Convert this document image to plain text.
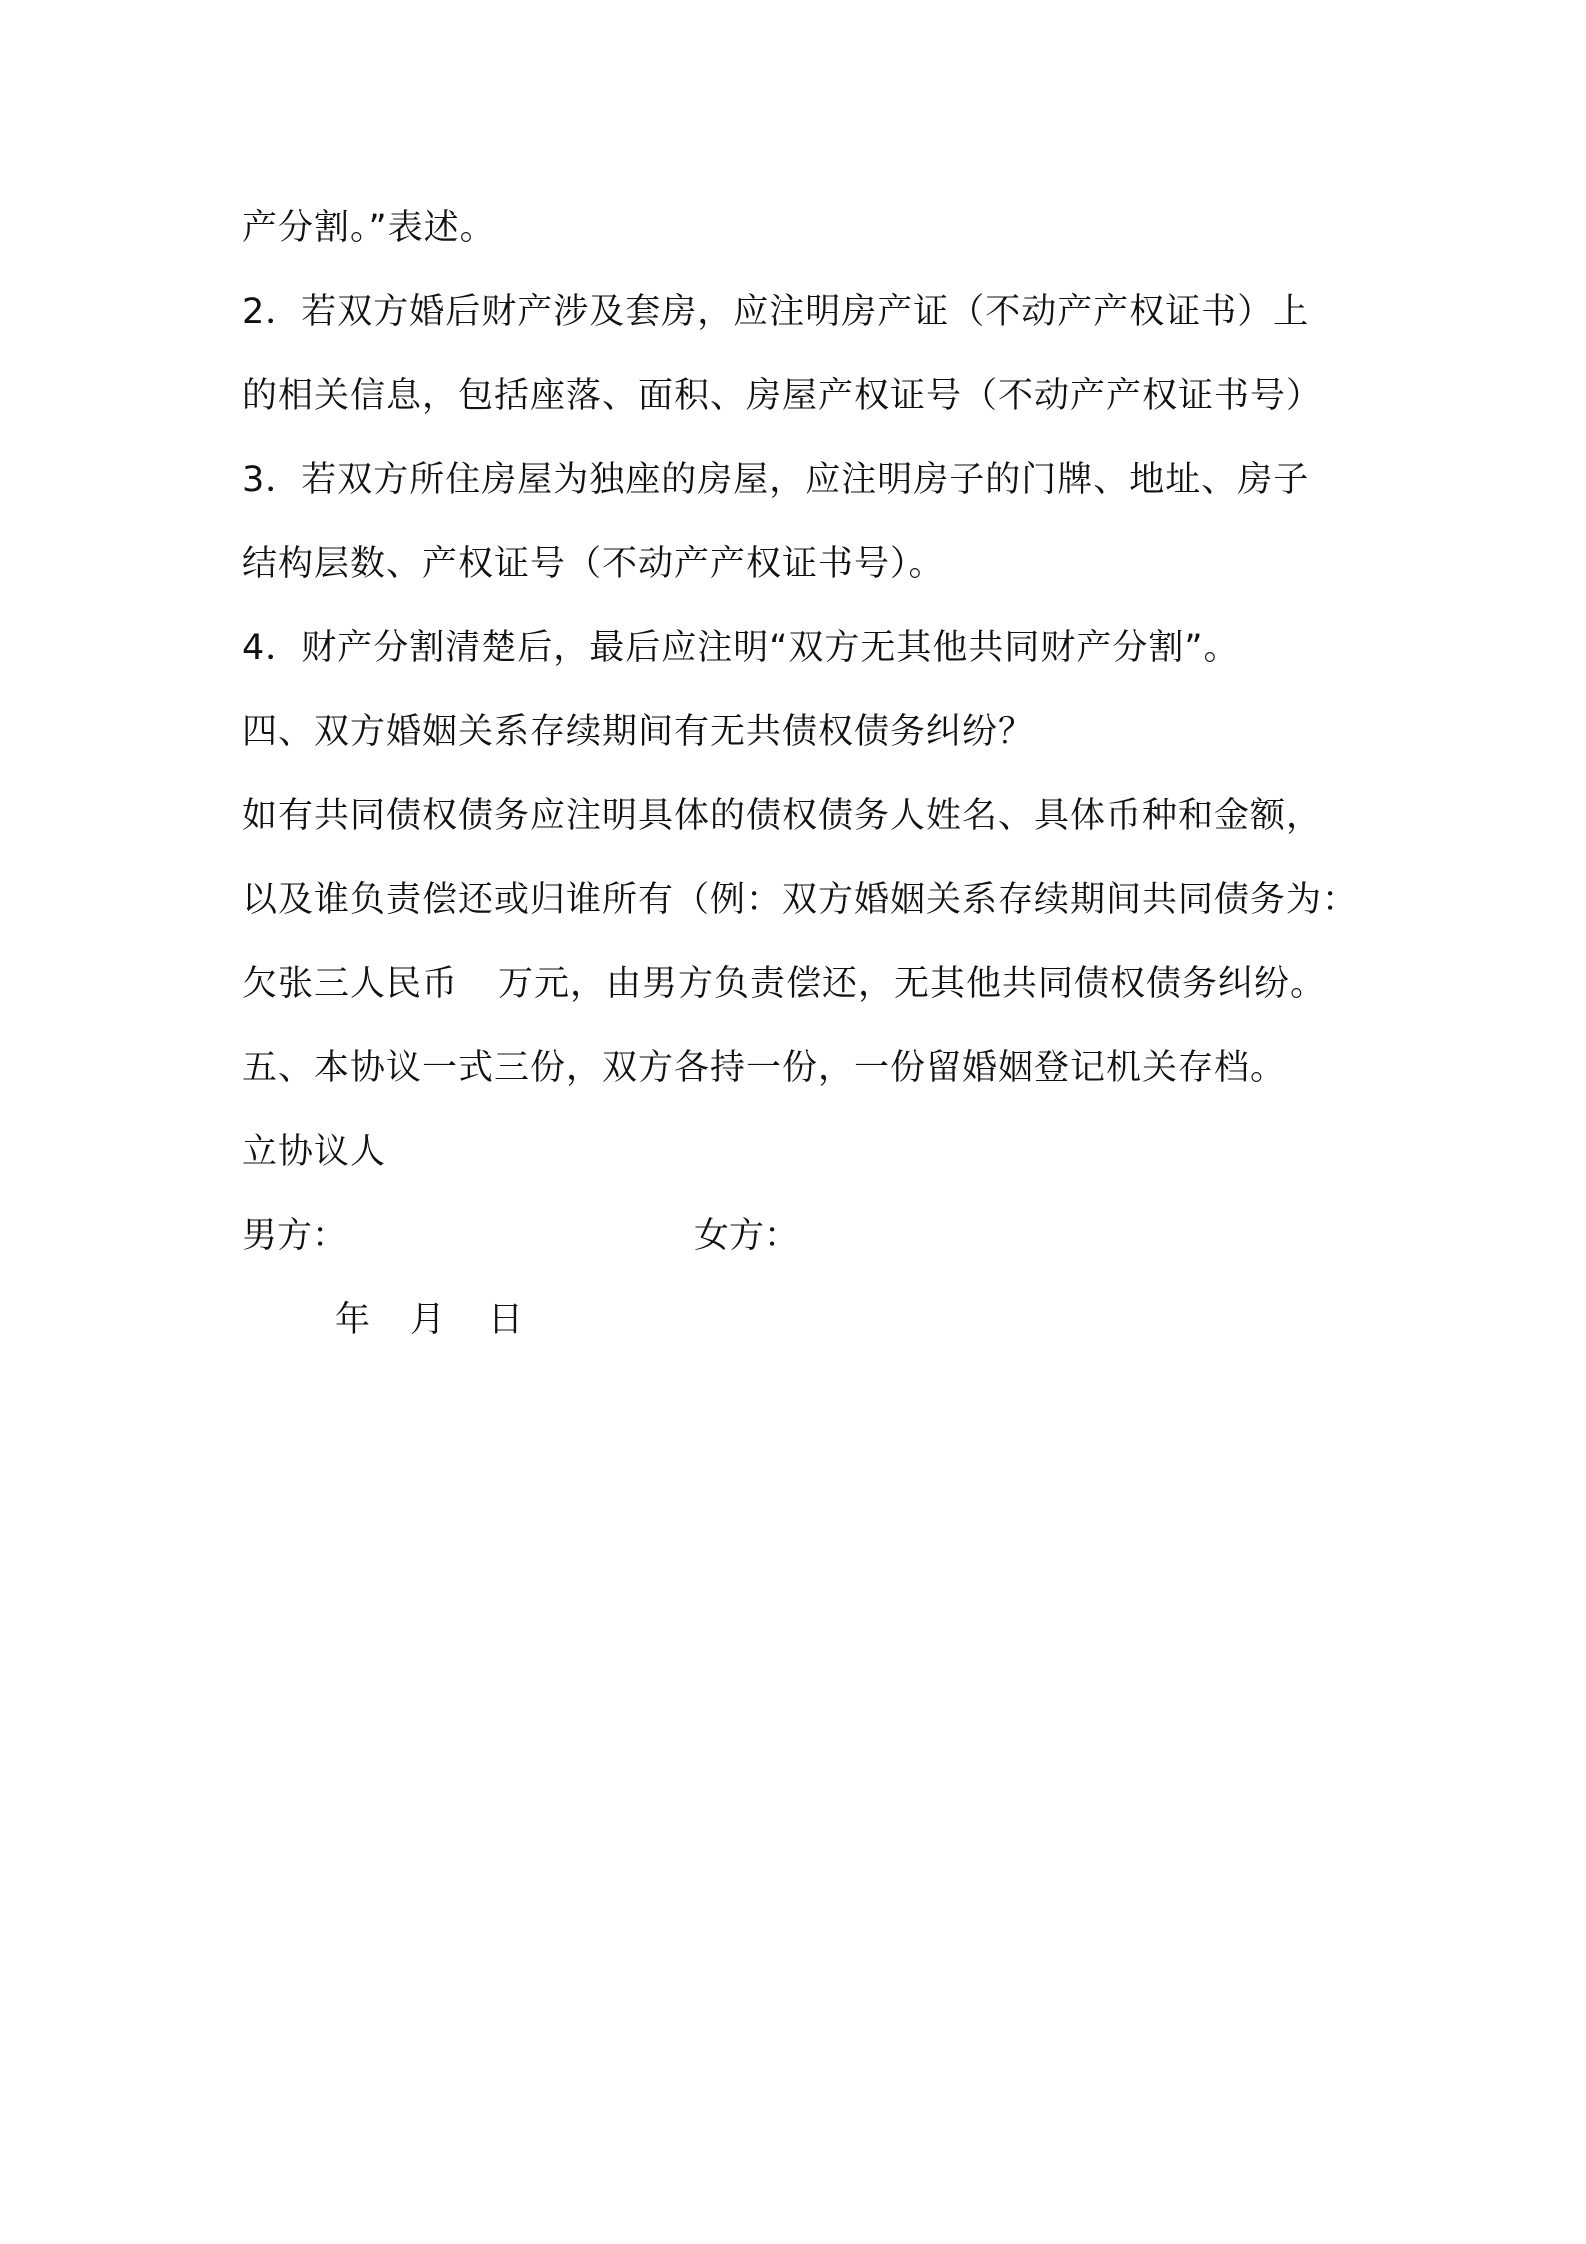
产分割。”表述。
2．若双方婚后财产涉及套房，应注明房产证（不动产产权证书）上
的相关信息，包括座落、面积、房屋产权证号（不动产产权证书号）
3．若双方所住房屋为独座的房屋，应注明房子的门牌、地址、房子
结构层数、产权证号（不动产产权证书号）。
4．财产分割清楚后，最后应注明“双方无其他共同财产分割”。
四、双方婚姻关系存续期间有无共债权债务纠纷？
如有共同债权债务应注明具体的债权债务人姓名、具体币种和金额，
以及谁负责偿还或归谁所有（例：双方婚姻关系存续期间共同债务为：
欠张三人民币 万元，由男方负责偿还，无其他共同债权债务纠纷。
五、本协议一式三份，双方各持一份，一份留婚姻登记机关存档。
立协议人
男方：	女方：
年 月 日
